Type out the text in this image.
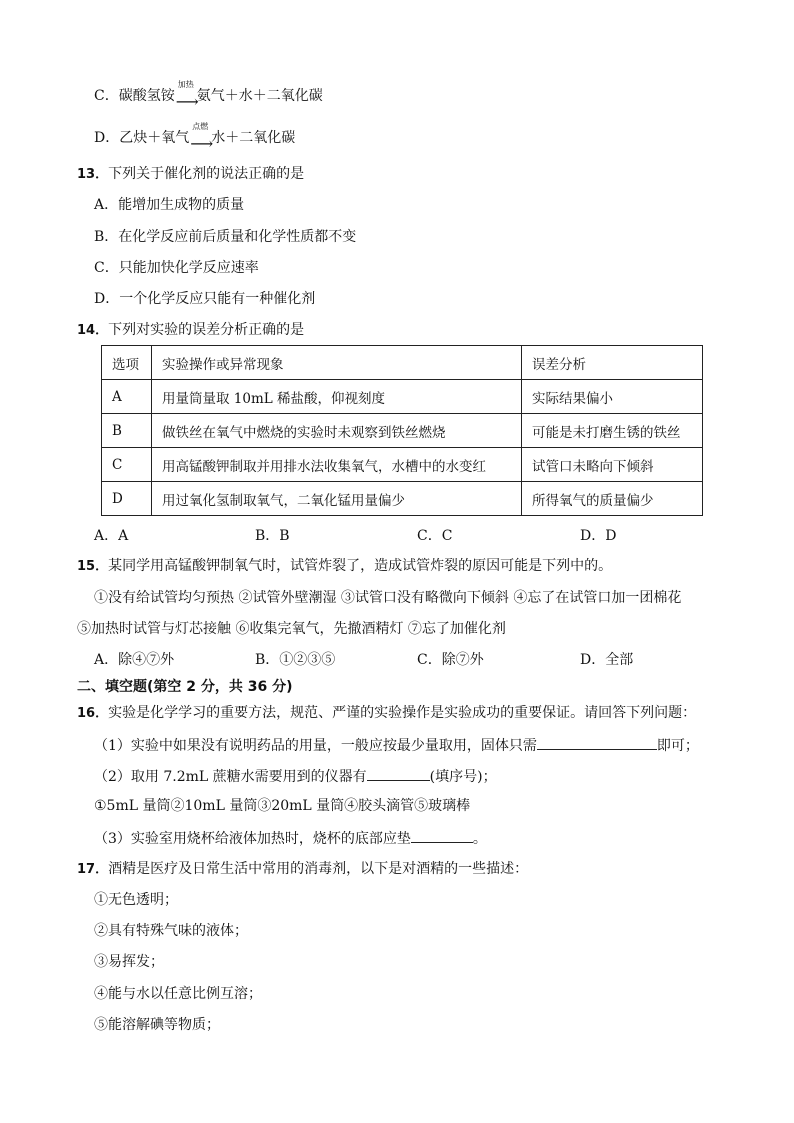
C．碳酸氢铵
加热
⟶
氨气＋水＋二氧化碳
D．乙炔＋氧气
点燃
⟶
水＋二氧化碳
13．下列关于催化剂的说法正确的是
A．能增加生成物的质量
B．在化学反应前后质量和化学性质都不变
C．只能加快化学反应速率
D．一个化学反应只能有一种催化剂
14．下列对实验的误差分析正确的是
选项	实验操作或异常现象	误差分析
A	用量筒量取 10mL 稀盐酸，仰视刻度	实际结果偏小
B	做铁丝在氧气中燃烧的实验时未观察到铁丝燃烧	可能是未打磨生锈的铁丝
C	用高锰酸钾制取并用排水法收集氧气，水槽中的水变红	试管口未略向下倾斜
D	用过氧化氢制取氧气，二氧化锰用量偏少	所得氧气的质量偏少
A．A	B．B	C．C	D．D
15．某同学用高锰酸钾制氧气时，试管炸裂了，造成试管炸裂的原因可能是下列中的。
①没有给试管均匀预热 ②试管外壁潮湿 ③试管口没有略微向下倾斜 ④忘了在试管口加一团棉花
⑤加热时试管与灯芯接触 ⑥收集完氧气，先撤酒精灯 ⑦忘了加催化剂
A．除④⑦外	B．①②③⑤	C．除⑦外	D．全部
二、填空题(第空 2 分，共 36 分)
16．实验是化学学习的重要方法，规范、严谨的实验操作是实验成功的重要保证。请回答下列问题：
（1）实验中如果没有说明药品的用量，一般应按最少量取用，固体只需	即可；
（2）取用 7.2mL 蔗糖水需要用到的仪器有	(填序号)；
①5mL 量筒②10mL 量筒③20mL 量筒④胶头滴管⑤玻璃棒
（3）实验室用烧杯给液体加热时，烧杯的底部应垫	。
17．酒精是医疗及日常生活中常用的消毒剂，以下是对酒精的一些描述：
①无色透明；
②具有特殊气味的液体；
③易挥发；
④能与水以任意比例互溶；
⑤能溶解碘等物质；
